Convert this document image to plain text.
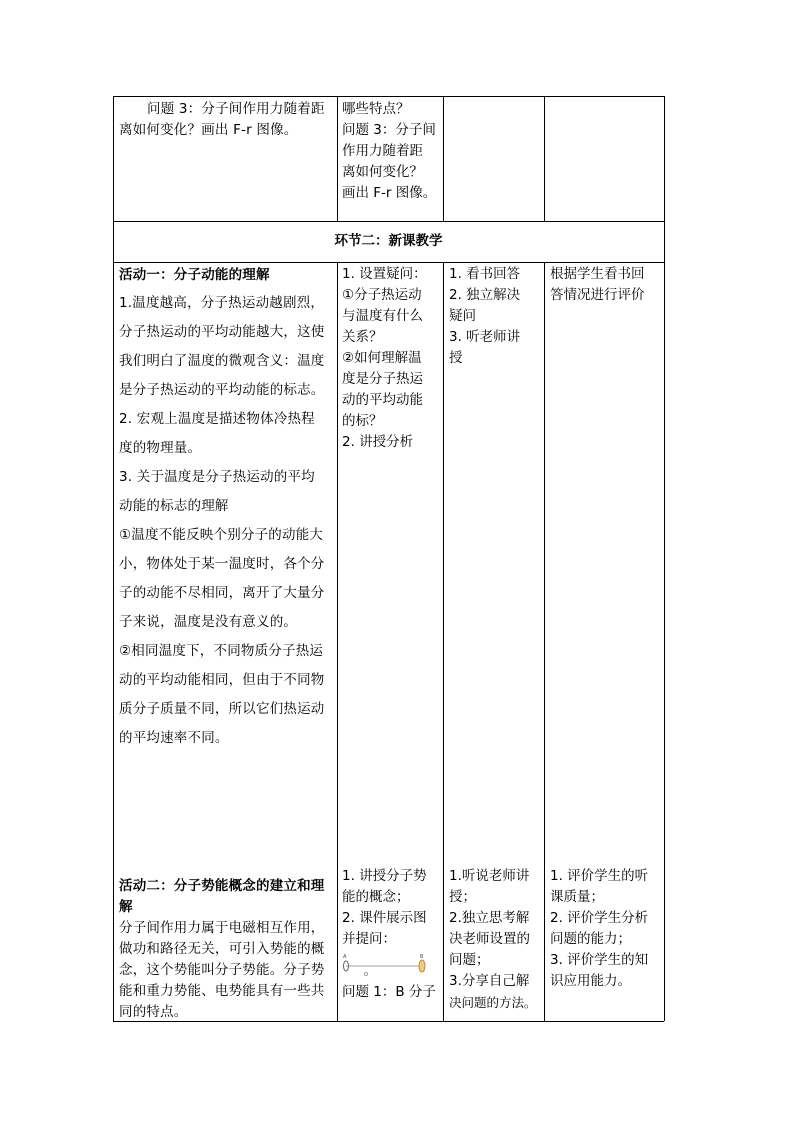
问题 3：分子间作用力随着距

离如何变化？画出 F-r 图像。

哪些特点？

问题 3：分子间

作用力随着距

离如何变化？

画出 F-r 图像。

环节二：新课教学

活动一：分子动能的理解

1.温度越高，分子热运动越剧烈，

分子热运动的平均动能越大，这使

我们明白了温度的微观含义：温度

是分子热运动的平均动能的标志。

2. 宏观上温度是描述物体冷热程

度的物理量。

3. 关于温度是分子热运动的平均

动能的标志的理解

①温度不能反映个别分子的动能大

小，物体处于某一温度时，各个分

子的动能不尽相同，离开了大量分

子来说，温度是没有意义的。

②相同温度下，不同物质分子热运

动的平均动能相同，但由于不同物

质分子质量不同，所以它们热运动

的平均速率不同。

1. 设置疑问：

①分子热运动

与温度有什么

关系？

②如何理解温

度是分子热运

动的平均动能

的标？

2. 讲授分析

1. 看书回答

2. 独立解决

疑问

3. 听老师讲

授

根据学生看书回

答情况进行评价

活动二：分子势能概念的建立和理

解

分子间作用力属于电磁相互作用，

做功和路径无关，可引入势能的概

念，这个势能叫分子势能。分子势

能和重力势能、电势能具有一些共

同的特点。

1. 讲授分子势

能的概念；

2. 课件展示图

并提问：

A	B
O

问题 1：B 分子

1.听说老师讲

授；

2.独立思考解

决老师设置的

问题；

3.分享自己解

决问题的方法。

1. 评价学生的听

课质量；

2. 评价学生分析

问题的能力；

3. 评价学生的知

识应用能力。
